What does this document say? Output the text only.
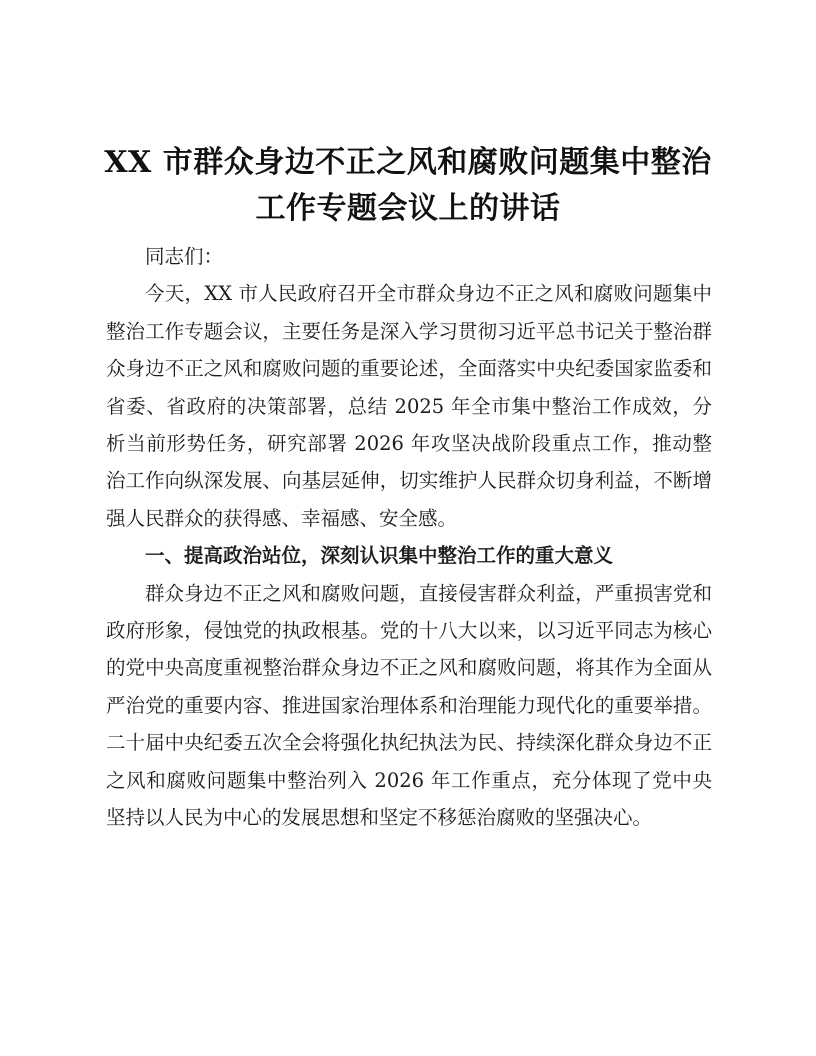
XX 市群众身边不正之风和腐败问题集中整治工作专题会议上的讲话

同志们：

今天，XX 市人民政府召开全市群众身边不正之风和腐败问题集中整治工作专题会议，主要任务是深入学习贯彻习近平总书记关于整治群众身边不正之风和腐败问题的重要论述，全面落实中央纪委国家监委和省委、省政府的决策部署，总结 2025 年全市集中整治工作成效，分析当前形势任务，研究部署 2026 年攻坚决战阶段重点工作，推动整治工作向纵深发展、向基层延伸，切实维护人民群众切身利益，不断增强人民群众的获得感、幸福感、安全感。

一、提高政治站位，深刻认识集中整治工作的重大意义

群众身边不正之风和腐败问题，直接侵害群众利益，严重损害党和政府形象，侵蚀党的执政根基。党的十八大以来，以习近平同志为核心的党中央高度重视整治群众身边不正之风和腐败问题，将其作为全面从严治党的重要内容、推进国家治理体系和治理能力现代化的重要举措。二十届中央纪委五次全会将强化执纪执法为民、持续深化群众身边不正之风和腐败问题集中整治列入 2026 年工作重点，充分体现了党中央坚持以人民为中心的发展思想和坚定不移惩治腐败的坚强决心。
